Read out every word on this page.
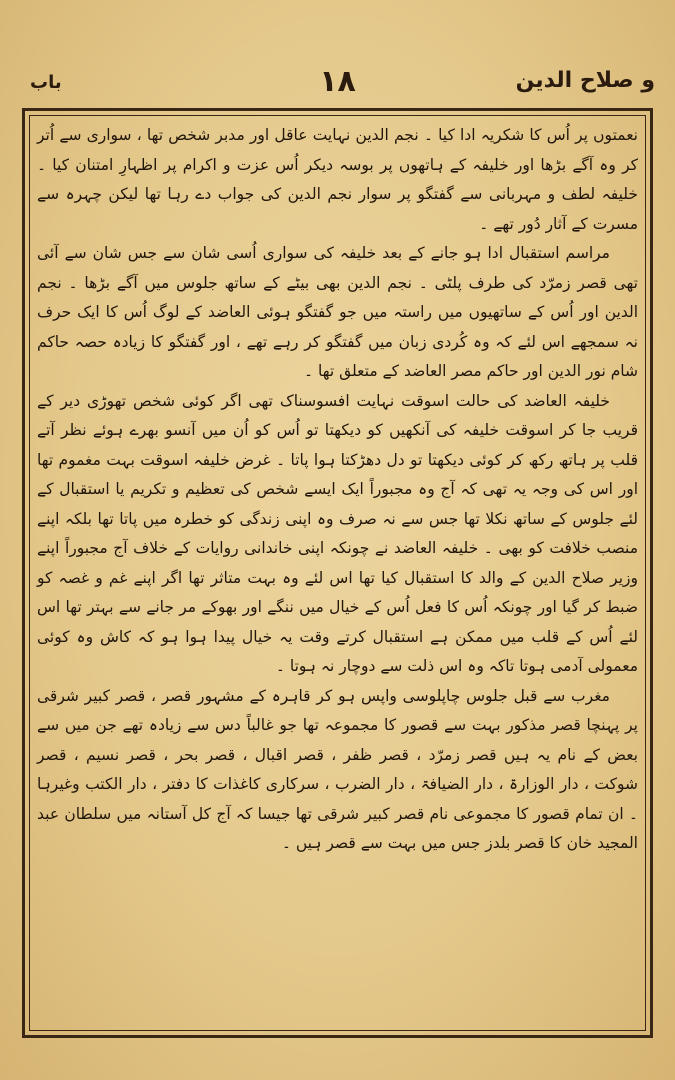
باب	۱۸	و صلاح الدین

نعمتوں پر اُس کا شکریہ ادا کیا ۔ نجم الدین نہایت عاقل اور مدبر شخص تھا ، سواری سے اُتر کر وہ آگے بڑھا اور خلیفہ کے ہاتھوں پر بوسہ دیکر اُس عزت و اکرام پر اظہارِ امتنان کیا ۔ خلیفہ لطف و مہربانی سے گفتگو پر سوار نجم الدین کی جواب دے رہا تھا لیکن چہرہ سے مسرت کے آثار دُور تھے ۔

مراسم استقبال ادا ہو جانے کے بعد خلیفہ کی سواری اُسی شان سے جس شان سے آئی تھی قصر زمرّد کی طرف پلٹی ۔ نجم الدین بھی بیٹے کے ساتھ جلوس میں آگے بڑھا ۔ نجم الدین اور اُس کے ساتھیوں میں راستہ میں جو گفتگو ہوئی العاضد کے لوگ اُس کا ایک حرف نہ سمجھے اس لئے کہ وہ کُردی زبان میں گفتگو کر رہے تھے ، اور گفتگو کا زیادہ حصہ حاکم شام نور الدین اور حاکم مصر العاضد کے متعلق تھا ۔

خلیفہ العاضد کی حالت اسوقت نہایت افسوسناک تھی اگر کوئی شخص تھوڑی دیر کے قریب جا کر اسوقت خلیفہ کی آنکھیں کو دیکھتا تو اُس کو اُن میں آنسو بھرے ہوئے نظر آتے قلب پر ہاتھ رکھ کر کوئی دیکھتا تو دل دھڑکتا ہوا پاتا ۔ غرض خلیفہ اسوقت بہت مغموم تھا اور اس کی وجہ یہ تھی کہ آج وہ مجبوراً ایک ایسے شخص کی تعظیم و تکریم یا استقبال کے لئے جلوس کے ساتھ نکلا تھا جس سے نہ صرف وہ اپنی زندگی کو خطرہ میں پاتا تھا بلکہ اپنے منصب خلافت کو بھی ۔ خلیفہ العاضد نے چونکہ اپنی خاندانی روایات کے خلاف آج مجبوراً اپنے وزیر صلاح الدین کے والد کا استقبال کیا تھا اس لئے وہ بہت متاثر تھا اگر اپنے غم و غصہ کو ضبط کر گیا اور چونکہ اُس کا فعل اُس کے خیال میں ننگے اور بھوکے مر جانے سے بہتر تھا اس لئے اُس کے قلب میں ممکن ہے استقبال کرتے وقت یہ خیال پیدا ہوا ہو کہ کاش وہ کوئی معمولی آدمی ہوتا تاکہ وہ اس ذلت سے دوچار نہ ہوتا ۔

مغرب سے قبل جلوس چاپلوسی واپس ہو کر قاہرہ کے مشہور قصر ، قصر کبیر شرقی پر پہنچا قصر مذکور بہت سے قصور کا مجموعہ تھا جو غالباً دس سے زیادہ تھے جن میں سے بعض کے نام یہ ہیں قصر زمرّد ، قصر ظفر ، قصر اقبال ، قصر بحر ، قصر نسیم ، قصر شوکت ، دار الوزارۃ ، دار الضیافۃ ، دار الضرب ، سرکاری کاغذات کا دفتر ، دار الکتب وغیرہا ۔ ان تمام قصور کا مجموعی نام قصر کبیر شرقی تھا جیسا کہ آج کل آستانہ میں سلطان عبد المجید خان کا قصر بلدز جس میں بہت سے قصر ہیں ۔
